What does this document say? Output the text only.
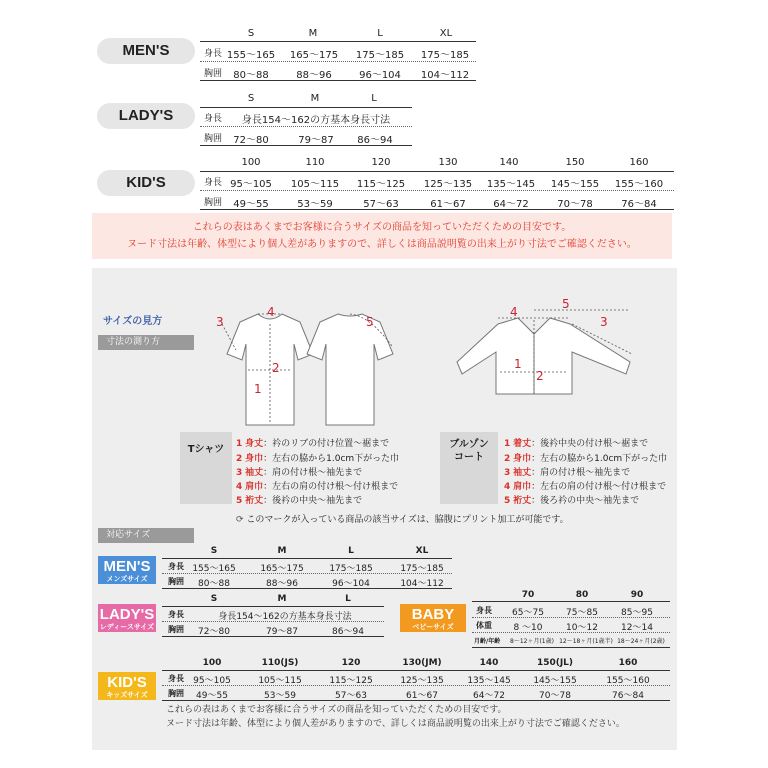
MEN'S
S	M	L	XL
身長 155〜165	165〜175	175〜185	175〜185
胸囲	80〜88	88〜96	96〜104	104〜112
LADY'S
S	M	L
身長	身長154〜162の方基本身長寸法
胸囲	72〜80	79〜87	86〜94
KID'S
100	110	120	130	140	150	160
身長 95〜105	105〜115	115〜125	125〜135	135〜145	145〜155	155〜160
胸囲	49〜55	53〜59	57〜63	61〜67	64〜72	70〜78	76〜84
これらの表はあくまでお客様に合うサイズの商品を知っていただくための目安です。
ヌード寸法は年齢、体型により個人差がありますので、詳しくは商品説明覧の出来上がり寸法でご確認ください。
サイズの見方
寸法の測り方
4
2
1
3	5
4
5
3
2
1
Tシャツ	1 身丈：衿のリブの付け位置〜裾まで
2 身巾：左右の脇から1.0cm下がった巾
3 袖丈：肩の付け根〜袖先まで
4 肩巾：左右の肩の付け根〜付け根まで
5 裄丈：後衿の中央〜袖先まで
ブルゾン
コート
1 着丈：後衿中央の付け根〜裾まで
2 身巾：左右の脇から1.0cm下がった巾
3 袖丈：肩の付け根〜袖先まで
4 肩巾：左右の肩の付け根〜付け根まで
5 裄丈：後ろ衿の中央〜袖先まで
⟳ このマークが入っている商品の該当サイズは、脇腹にプリント加工が可能です。
対応サイズ
MEN'S
メンズサイズ
S	M	L	XL
身長 155〜165	165〜175	175〜185	175〜185
胸囲	80〜88	88〜96	96〜104	104〜112
LADY'S
レディースサイズ
S	M	L
身長	身長154〜162の方基本身長寸法
胸囲	72〜80	79〜87	86〜94
BABY
ベビーサイズ
70	80	90
身長	65〜75	75〜85	85〜95
体重	8 〜10	10〜12	12〜14
月齢/年齢	8〜12ヶ月(1歳) 12〜18ヶ月(1歳半) 18〜24ヶ月(2歳)
KID'S
キッズサイズ
100	110(JS)	120	130(JM)	140	150(JL)	160
身長	95〜105	105〜115	115〜125	125〜135	135〜145	145〜155	155〜160
胸囲	49〜55	53〜59	57〜63	61〜67	64〜72	70〜78	76〜84
これらの表はあくまでお客様に合うサイズの商品を知っていただくための目安です。
ヌード寸法は年齢、体型により個人差がありますので、詳しくは商品説明覧の出来上がり寸法でご確認ください。
